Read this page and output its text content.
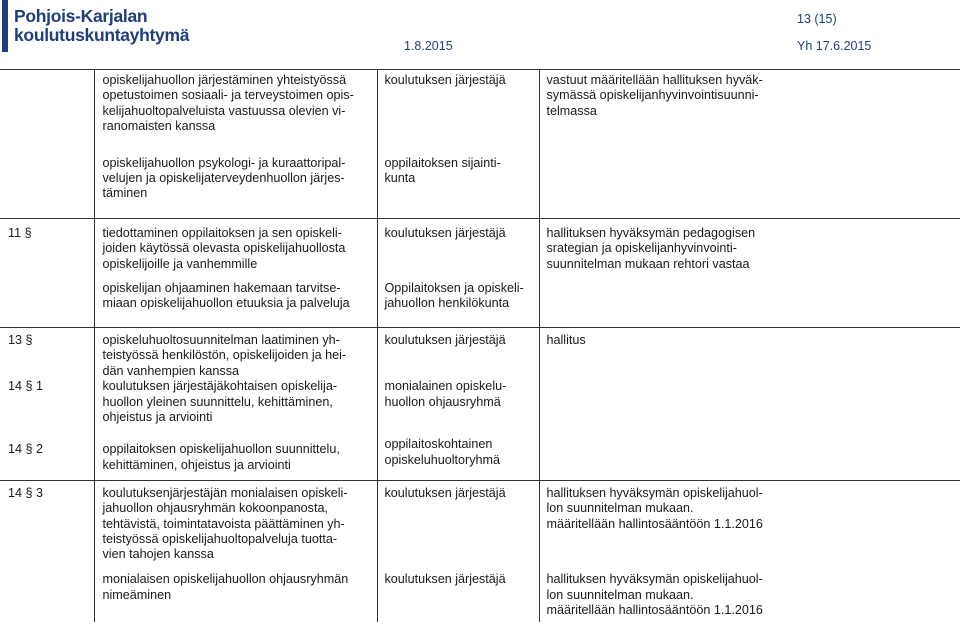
Pohjois-Karjalan
koulutuskuntayhtymä
13 (15)
1.8.2015	Yh 17.6.2015
	opiskelijahuollon järjestäminen yhteistyössä
opetustoimen sosiaali- ja terveystoimen opis-
kelijahuoltopalveluista vastuussa olevien vi-
ranomaisten kanssa	koulutuksen järjestäjä	vastuut määritellään hallituksen hyväk-
symässä opiskelijanhyvinvointisuunni-
telmassa
	opiskelijahuollon psykologi- ja kuraattoripal-
velujen ja opiskelijaterveydenhuollon järjes-
täminen	oppilaitoksen sijainti-
kunta	
11 §	tiedottaminen oppilaitoksen ja sen opiskeli-
joiden käytössä olevasta opiskelijahuollosta
opiskelijoille ja vanhemmille	koulutuksen järjestäjä	hallituksen hyväksymän pedagogisen
srategian ja opiskelijanhyvinvointi-
suunnitelman mukaan rehtori vastaa
	opiskelijan ohjaaminen hakemaan tarvitse-
miaan opiskelijahuollon etuuksia ja palveluja	Oppilaitoksen ja opiskeli-
jahuollon henkilökunta	
13 §	opiskeluhuoltosuunnitelman laatiminen yh-
teistyössä henkilöstön, opiskelijoiden ja hei-
dän vanhempien kanssa	koulutuksen järjestäjä	hallitus
14 § 1	koulutuksen järjestäjäkohtaisen opiskelija-
huollon yleinen suunnittelu, kehittäminen,
ohjeistus ja arviointi	monialainen opiskelu-
huollon ohjausryhmä	
14 § 2	oppilaitoksen opiskelijahuollon suunnittelu,
kehittäminen, ohjeistus ja arviointi	oppilaitoskohtainen
opiskeluhuoltoryhmä	
14 § 3	koulutuksenjärjestäjän monialaisen opiskeli-
jahuollon ohjausryhmän kokoonpanosta,
tehtävistä, toimintatavoista päättäminen yh-
teistyössä opiskelijahuoltopalveluja tuotta-
vien tahojen kanssa	koulutuksen järjestäjä	hallituksen hyväksymän opiskelijahuol-
lon suunnitelman mukaan.
määritellään hallintosääntöön 1.1.2016
	monialaisen opiskelijahuollon ohjausryhmän
nimeäminen	koulutuksen järjestäjä	hallituksen hyväksymän opiskelijahuol-
lon suunnitelman mukaan.
määritellään hallintosääntöön 1.1.2016
